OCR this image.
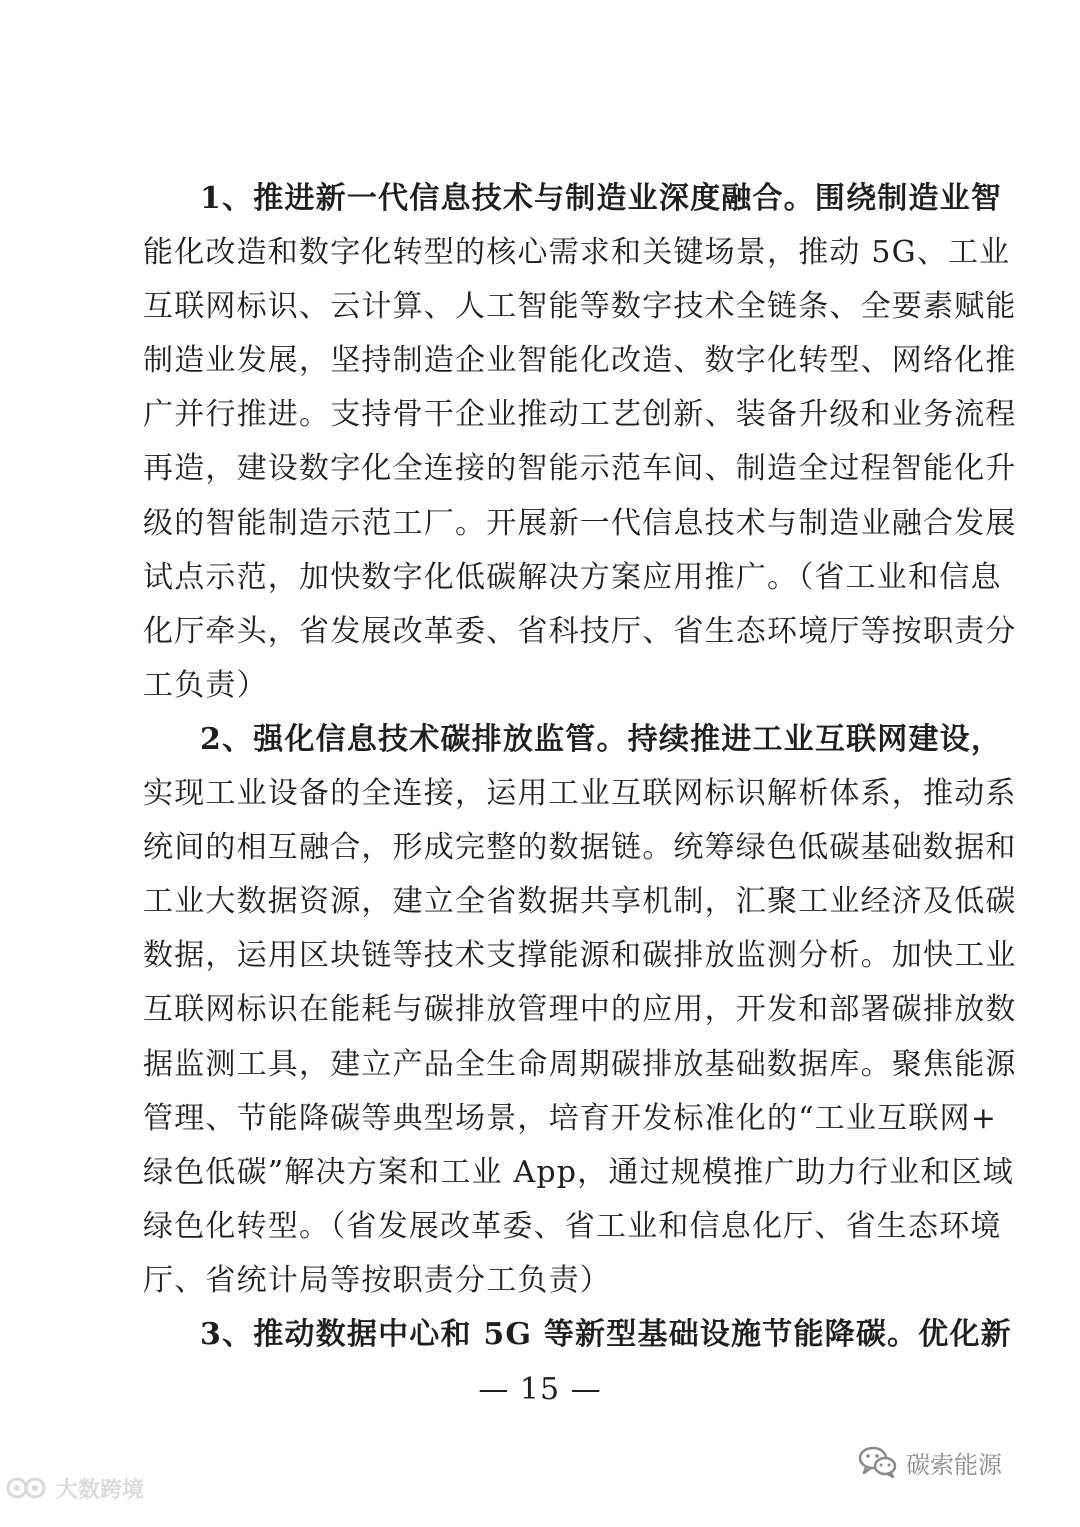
1、推进新一代信息技术与制造业深度融合。围绕制造业智
能化改造和数字化转型的核心需求和关键场景，推动 5G、工业
互联网标识、云计算、人工智能等数字技术全链条、全要素赋能
制造业发展，坚持制造企业智能化改造、数字化转型、网络化推
广并行推进。支持骨干企业推动工艺创新、装备升级和业务流程
再造，建设数字化全连接的智能示范车间、制造全过程智能化升
级的智能制造示范工厂。开展新一代信息技术与制造业融合发展
试点示范，加快数字化低碳解决方案应用推广。（省工业和信息
化厅牵头，省发展改革委、省科技厅、省生态环境厅等按职责分
工负责）
2、强化信息技术碳排放监管。持续推进工业互联网建设，
实现工业设备的全连接，运用工业互联网标识解析体系，推动系
统间的相互融合，形成完整的数据链。统筹绿色低碳基础数据和
工业大数据资源，建立全省数据共享机制，汇聚工业经济及低碳
数据，运用区块链等技术支撑能源和碳排放监测分析。加快工业
互联网标识在能耗与碳排放管理中的应用，开发和部署碳排放数
据监测工具，建立产品全生命周期碳排放基础数据库。聚焦能源
管理、节能降碳等典型场景，培育开发标准化的“工业互联网+
绿色低碳”解决方案和工业 App，通过规模推广助力行业和区域
绿色化转型。（省发展改革委、省工业和信息化厅、省生态环境
厅、省统计局等按职责分工负责）
3、推动数据中心和 5G 等新型基础设施节能降碳。优化新
— 15 —
大数跨境
碳索能源
